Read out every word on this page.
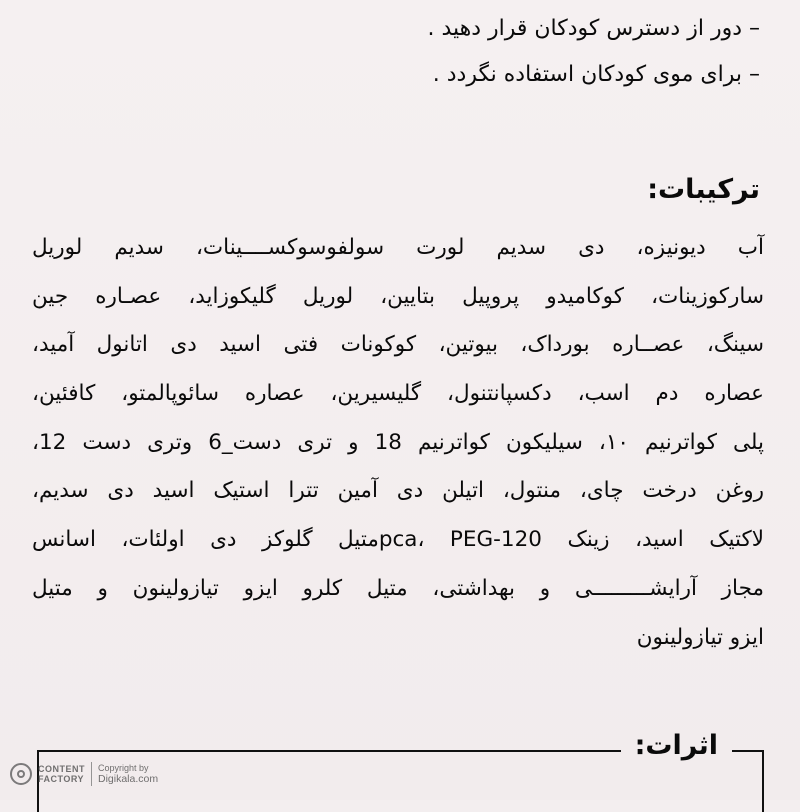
– دور از دسترس کودکان قرار دهید .
– برای موی کودکان استفاده نگردد .
ترکیبات:
آب دیونیزه، دی سدیم لورت سولفوسوکســــینات، سدیم لوریل
سارکوزینات، کوکامیدو پروپیل بتایین، لوریل گلیکوزاید، عصـاره جین
سینگ، عصــاره بورداک، بیوتین، کوکونات فتی اسید دی اتانول آمید،
عصاره دم اسب، دکسپانتنول، گلیسیرین، عصاره سائوپالمتو، کافئین،
پلی کواترنیم ۱۰، سیلیکون کواترنیم 18 و تری دست_6 وتری دست 12،
روغن درخت چای، منتول، اتیلن دی آمین تترا استیک اسید دی سدیم،
لاکتیک اسید، زینک pca، PEG-120متیل گلوکز دی اولئات، اسانس
مجاز آرایشـــــــــی و بهداشتی، متیل کلرو ایزو تیازولینون و متیل
ایزو تیازولینون
اثرات:
CONTENT
FACTORY
Copyright by
Digikala.com
